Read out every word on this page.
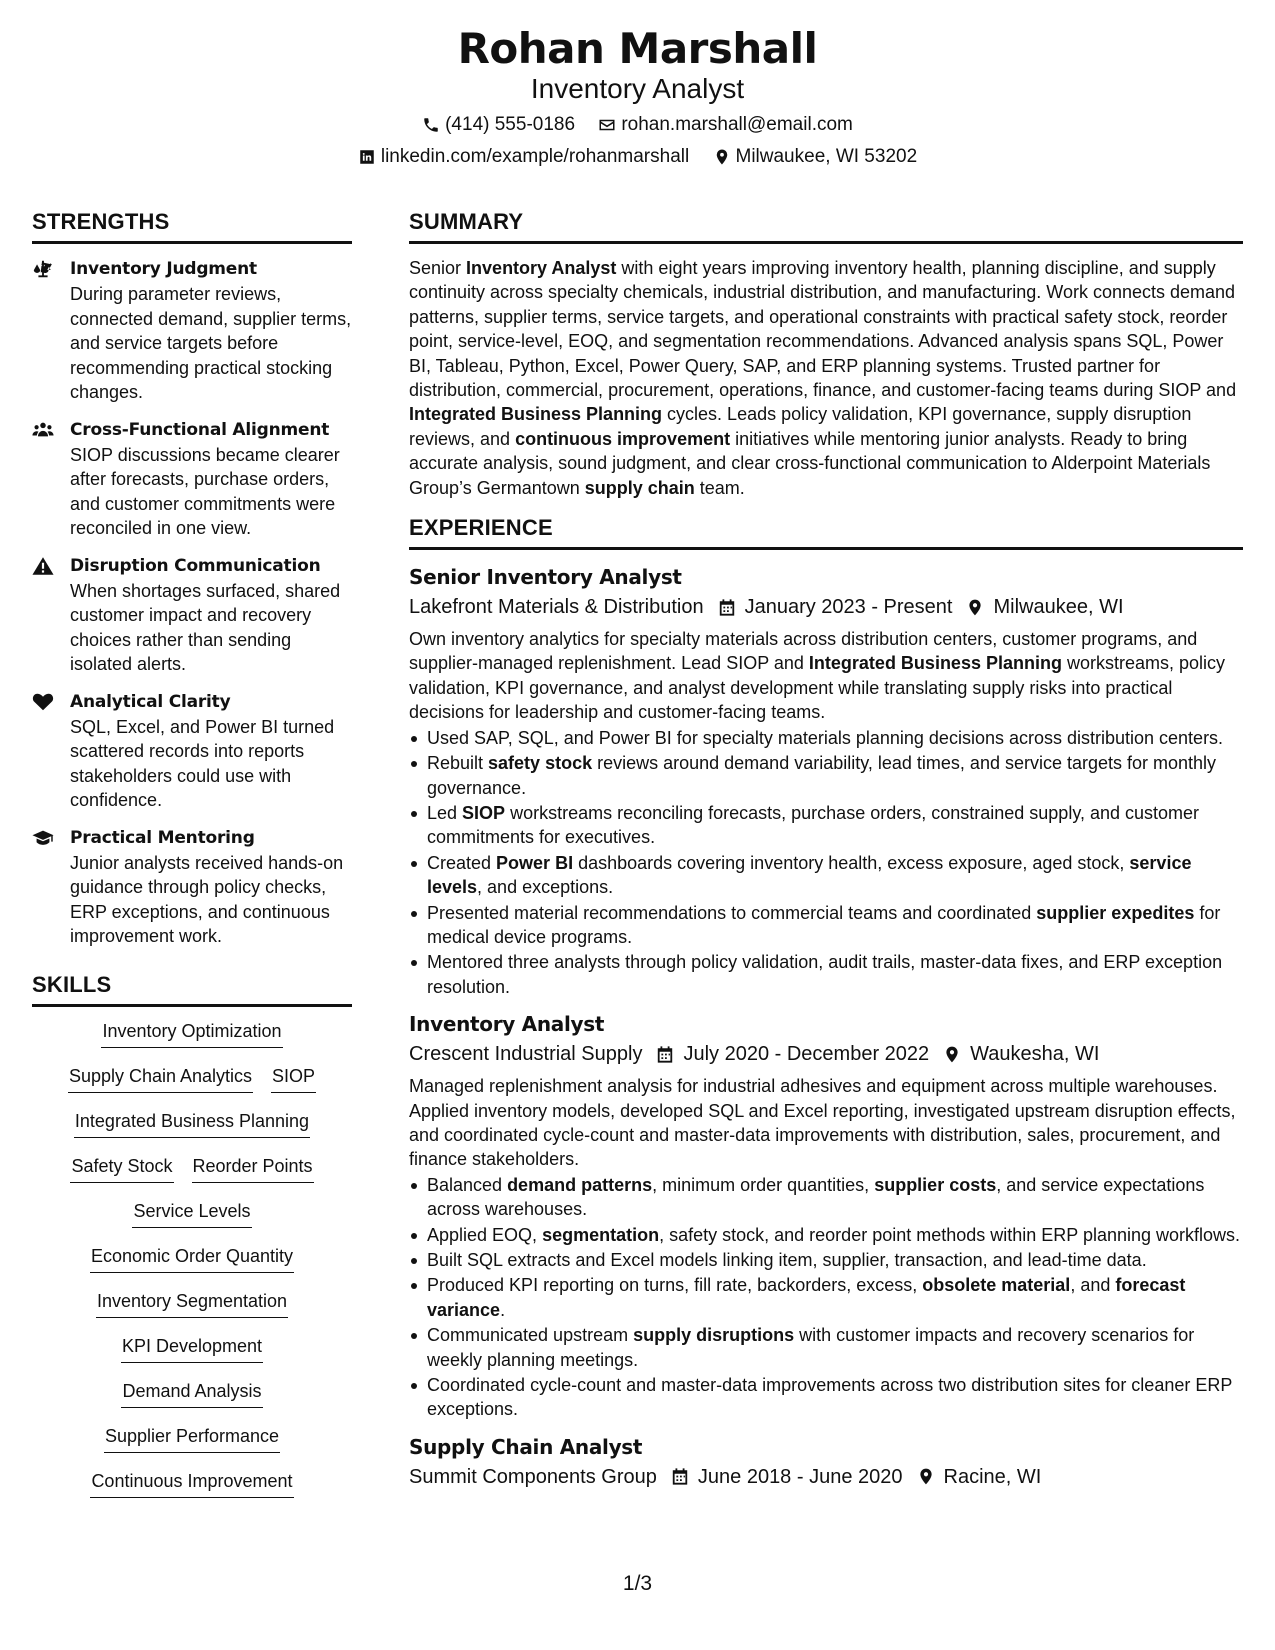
Rohan Marshall
Inventory Analyst
(414) 555-0186
rohan.marshall@email.com
linkedin.com/example/rohanmarshall
Milwaukee, WI 53202
STRENGTHS
Inventory Judgment
During parameter reviews, connected demand, supplier terms, and service targets before recommending practical stocking changes.
Cross-Functional Alignment
SIOP discussions became clearer after forecasts, purchase orders, and customer commitments were reconciled in one view.
Disruption Communication
When shortages surfaced, shared customer impact and recovery choices rather than sending isolated alerts.
Analytical Clarity
SQL, Excel, and Power BI turned scattered records into reports stakeholders could use with confidence.
Practical Mentoring
Junior analysts received hands-on guidance through policy checks, ERP exceptions, and continuous improvement work.
SKILLS
Inventory Optimization
Supply Chain Analytics SIOP
Integrated Business Planning
Safety Stock Reorder Points
Service Levels
Economic Order Quantity
Inventory Segmentation
KPI Development
Demand Analysis
Supplier Performance
Continuous Improvement
SUMMARY
Senior Inventory Analyst with eight years improving inventory health, planning discipline, and supply continuity across specialty chemicals, industrial distribution, and manufacturing. Work connects demand patterns, supplier terms, service targets, and operational constraints with practical safety stock, reorder point, service-level, EOQ, and segmentation recommendations. Advanced analysis spans SQL, Power BI, Tableau, Python, Excel, Power Query, SAP, and ERP planning systems. Trusted partner for distribution, commercial, procurement, operations, finance, and customer-facing teams during SIOP and Integrated Business Planning cycles. Leads policy validation, KPI governance, supply disruption reviews, and continuous improvement initiatives while mentoring junior analysts. Ready to bring accurate analysis, sound judgment, and clear cross-functional communication to Alderpoint Materials Group’s Germantown supply chain team.
EXPERIENCE
Senior Inventory Analyst
Lakefront Materials & Distribution January 2023 - Present Milwaukee, WI
Own inventory analytics for specialty materials across distribution centers, customer programs, and supplier-managed replenishment. Lead SIOP and Integrated Business Planning workstreams, policy validation, KPI governance, and analyst development while translating supply risks into practical decisions for leadership and customer-facing teams.
Used SAP, SQL, and Power BI for specialty materials planning decisions across distribution centers.
Rebuilt safety stock reviews around demand variability, lead times, and service targets for monthly governance.
Led SIOP workstreams reconciling forecasts, purchase orders, constrained supply, and customer commitments for executives.
Created Power BI dashboards covering inventory health, excess exposure, aged stock, service levels, and exceptions.
Presented material recommendations to commercial teams and coordinated supplier expedites for medical device programs.
Mentored three analysts through policy validation, audit trails, master-data fixes, and ERP exception resolution.
Inventory Analyst
Crescent Industrial Supply July 2020 - December 2022 Waukesha, WI
Managed replenishment analysis for industrial adhesives and equipment across multiple warehouses. Applied inventory models, developed SQL and Excel reporting, investigated upstream disruption effects, and coordinated cycle-count and master-data improvements with distribution, sales, procurement, and finance stakeholders.
Balanced demand patterns, minimum order quantities, supplier costs, and service expectations across warehouses.
Applied EOQ, segmentation, safety stock, and reorder point methods within ERP planning workflows.
Built SQL extracts and Excel models linking item, supplier, transaction, and lead-time data.
Produced KPI reporting on turns, fill rate, backorders, excess, obsolete material, and forecast variance.
Communicated upstream supply disruptions with customer impacts and recovery scenarios for weekly planning meetings.
Coordinated cycle-count and master-data improvements across two distribution sites for cleaner ERP exceptions.
Supply Chain Analyst
Summit Components Group June 2018 - June 2020 Racine, WI
1/3
